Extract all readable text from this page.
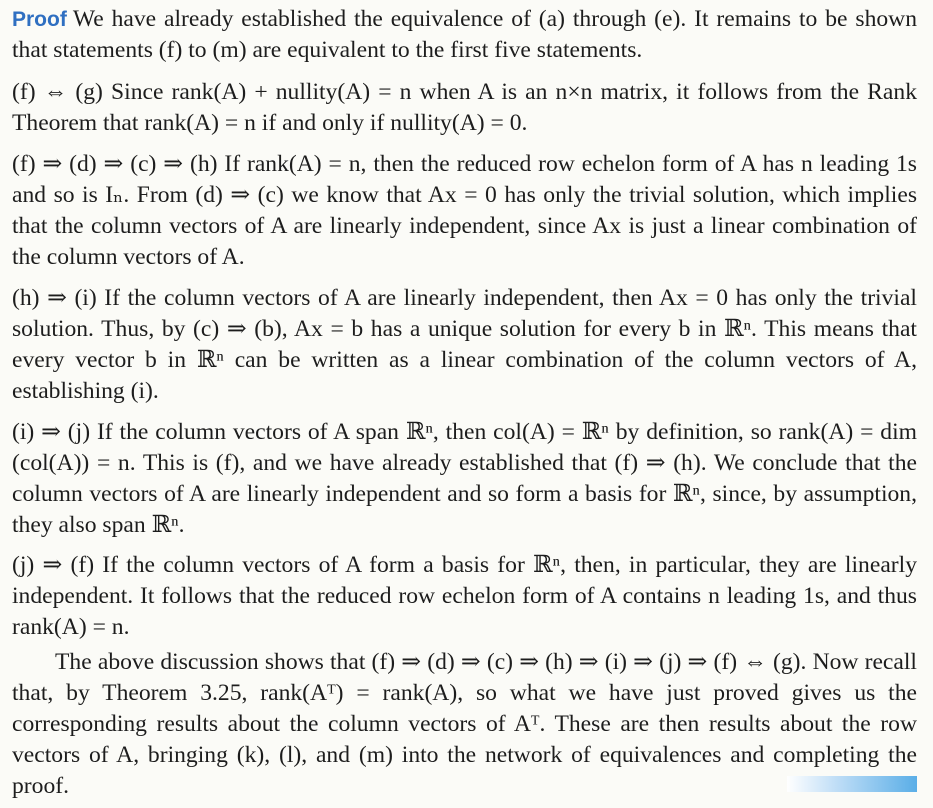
Proof We have already established the equivalence of (a) through (e). It remains to be shown that statements (f) to (m) are equivalent to the first five statements.

(f) ⇔ (g) Since rank(A) + nullity(A) = n when A is an n×n matrix, it follows from the Rank Theorem that rank(A) = n if and only if nullity(A) = 0.

(f) ⇒ (d) ⇒ (c) ⇒ (h) If rank(A) = n, then the reduced row echelon form of A has n leading 1s and so is Iₙ. From (d) ⇒ (c) we know that Ax = 0 has only the trivial solution, which implies that the column vectors of A are linearly independent, since Ax is just a linear combination of the column vectors of A.

(h) ⇒ (i) If the column vectors of A are linearly independent, then Ax = 0 has only the trivial solution. Thus, by (c) ⇒ (b), Ax = b has a unique solution for every b in ℝⁿ. This means that every vector b in ℝⁿ can be written as a linear combination of the column vectors of A, establishing (i).

(i) ⇒ (j) If the column vectors of A span ℝⁿ, then col(A) = ℝⁿ by definition, so rank(A) = dim (col(A)) = n. This is (f), and we have already established that (f) ⇒ (h). We conclude that the column vectors of A are linearly independent and so form a basis for ℝⁿ, since, by assumption, they also span ℝⁿ.

(j) ⇒ (f) If the column vectors of A form a basis for ℝⁿ, then, in particular, they are linearly independent. It follows that the reduced row echelon form of A contains n leading 1s, and thus rank(A) = n.

The above discussion shows that (f) ⇒ (d) ⇒ (c) ⇒ (h) ⇒ (i) ⇒ (j) ⇒ (f) ⇔ (g). Now recall that, by Theorem 3.25, rank(Aᵀ) = rank(A), so what we have just proved gives us the corresponding results about the column vectors of Aᵀ. These are then results about the row vectors of A, bringing (k), (l), and (m) into the network of equivalences and completing the proof.
